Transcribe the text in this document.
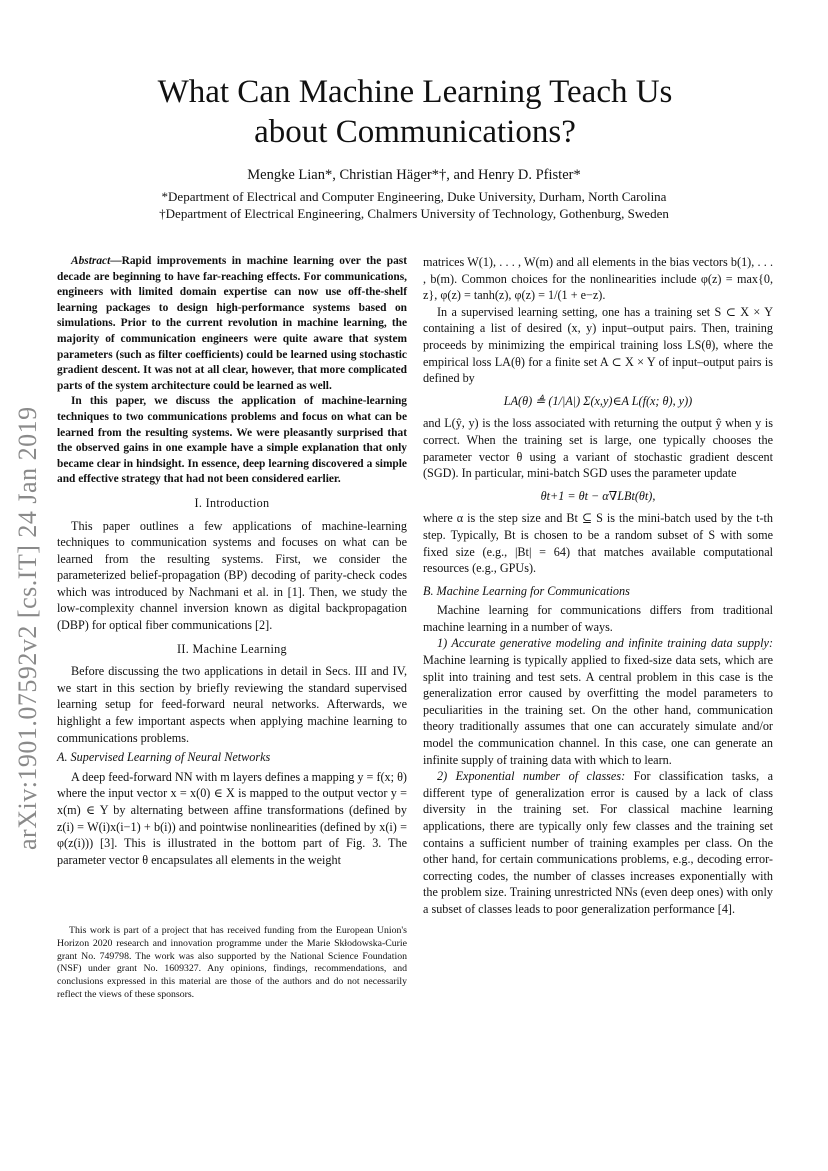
arXiv:1901.07592v2 [cs.IT] 24 Jan 2019
What Can Machine Learning Teach Us
about Communications?
Mengke Lian*, Christian Häger*†, and Henry D. Pfister*
*Department of Electrical and Computer Engineering, Duke University, Durham, North Carolina
†Department of Electrical Engineering, Chalmers University of Technology, Gothenburg, Sweden

Abstract—Rapid improvements in machine learning over the past decade are beginning to have far-reaching effects. For communications, engineers with limited domain expertise can now use off-the-shelf learning packages to design high-performance systems based on simulations. Prior to the current revolution in machine learning, the majority of communication engineers were quite aware that system parameters (such as filter coefficients) could be learned using stochastic gradient descent. It was not at all clear, however, that more complicated parts of the system architecture could be learned as well.

In this paper, we discuss the application of machine-learning techniques to two communications problems and focus on what can be learned from the resulting systems. We were pleasantly surprised that the observed gains in one example have a simple explanation that only became clear in hindsight. In essence, deep learning discovered a simple and effective strategy that had not been considered earlier.

I. Introduction

This paper outlines a few applications of machine-learning techniques to communication systems and focuses on what can be learned from the resulting systems. First, we consider the parameterized belief-propagation (BP) decoding of parity-check codes which was introduced by Nachmani et al. in [1]. Then, we study the low-complexity channel inversion known as digital backpropagation (DBP) for optical fiber communications [2].

II. Machine Learning

Before discussing the two applications in detail in Secs. III and IV, we start in this section by briefly reviewing the standard supervised learning setup for feed-forward neural networks. Afterwards, we highlight a few important aspects when applying machine learning to communications problems.

A. Supervised Learning of Neural Networks

A deep feed-forward NN with m layers defines a mapping y = f(x; θ) where the input vector x = x(0) ∈ X is mapped to the output vector y = x(m) ∈ Y by alternating between affine transformations (defined by z(i) = W(i)x(i−1) + b(i)) and pointwise nonlinearities (defined by x(i) = φ(z(i))) [3]. This is illustrated in the bottom part of Fig. 3. The parameter vector θ encapsulates all elements in the weight

This work is part of a project that has received funding from the European Union's Horizon 2020 research and innovation programme under the Marie Skłodowska-Curie grant No. 749798. The work was also supported by the National Science Foundation (NSF) under grant No. 1609327. Any opinions, findings, recommendations, and conclusions expressed in this material are those of the authors and do not necessarily reflect the views of these sponsors.

matrices W(1), . . . , W(m) and all elements in the bias vectors b(1), . . . , b(m). Common choices for the nonlinearities include φ(z) = max{0, z}, φ(z) = tanh(z), φ(z) = 1/(1 + e−z).

In a supervised learning setting, one has a training set S ⊂ X × Y containing a list of desired (x, y) input–output pairs. Then, training proceeds by minimizing the empirical training loss LS(θ), where the empirical loss LA(θ) for a finite set A ⊂ X × Y of input–output pairs is defined by

LA(θ) ≜ (1/|A|) Σ(x,y)∈A L(f(x; θ), y))

and L(ŷ, y) is the loss associated with returning the output ŷ when y is correct. When the training set is large, one typically chooses the parameter vector θ using a variant of stochastic gradient descent (SGD). In particular, mini-batch SGD uses the parameter update

θt+1 = θt − α∇LBt(θt),

where α is the step size and Bt ⊆ S is the mini-batch used by the t-th step. Typically, Bt is chosen to be a random subset of S with some fixed size (e.g., |Bt| = 64) that matches available computational resources (e.g., GPUs).

B. Machine Learning for Communications

Machine learning for communications differs from traditional machine learning in a number of ways.

1) Accurate generative modeling and infinite training data supply: Machine learning is typically applied to fixed-size data sets, which are split into training and test sets. A central problem in this case is the generalization error caused by overfitting the model parameters to peculiarities in the training set. On the other hand, communication theory traditionally assumes that one can accurately simulate and/or model the communication channel. In this case, one can generate an infinite supply of training data with which to learn.

2) Exponential number of classes: For classification tasks, a different type of generalization error is caused by a lack of class diversity in the training set. For classical machine learning applications, there are typically only few classes and the training set contains a sufficient number of training examples per class. On the other hand, for certain communications problems, e.g., decoding error-correcting codes, the number of classes increases exponentially with the problem size. Training unrestricted NNs (even deep ones) with only a subset of classes leads to poor generalization performance [4].
